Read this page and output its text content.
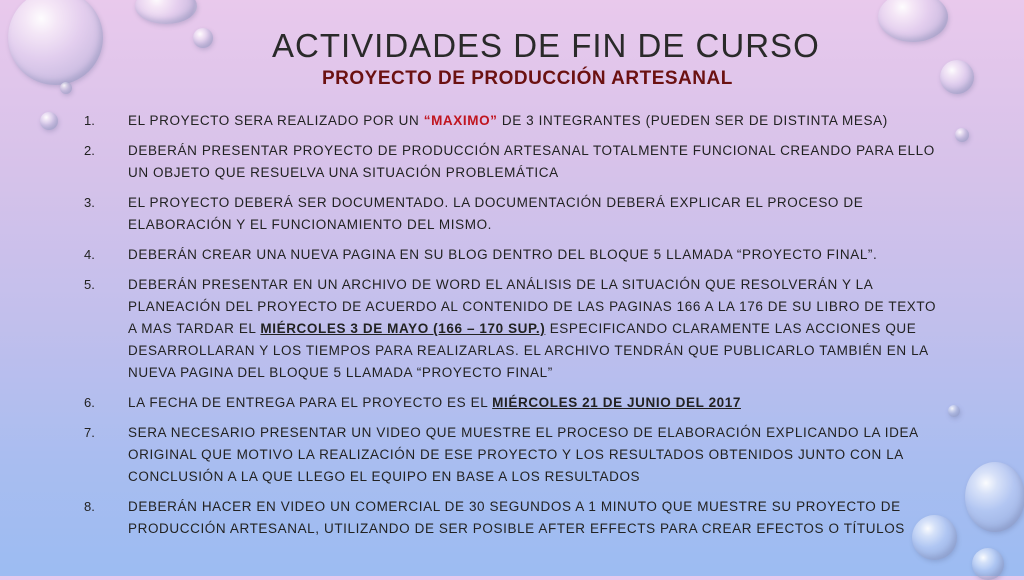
ACTIVIDADES DE FIN DE CURSO
PROYECTO DE PRODUCCIÓN ARTESANAL
1.	EL PROYECTO SERA REALIZADO POR UN “MAXIMO” DE 3 INTEGRANTES (PUEDEN SER DE DISTINTA MESA)
2.	DEBERÁN PRESENTAR PROYECTO DE PRODUCCIÓN ARTESANAL TOTALMENTE FUNCIONAL CREANDO PARA ELLO UN OBJETO QUE RESUELVA UNA SITUACIÓN PROBLEMÁTICA
3.	EL PROYECTO DEBERÁ SER DOCUMENTADO. LA DOCUMENTACIÓN DEBERÁ EXPLICAR EL PROCESO DE ELABORACIÓN Y EL FUNCIONAMIENTO DEL MISMO.
4.	DEBERÁN CREAR UNA NUEVA PAGINA EN SU BLOG DENTRO DEL BLOQUE 5 LLAMADA “PROYECTO FINAL”.
5.	DEBERÁN PRESENTAR EN UN ARCHIVO DE WORD EL ANÁLISIS DE LA SITUACIÓN QUE RESOLVERÁN Y LA PLANEACIÓN DEL PROYECTO DE ACUERDO AL CONTENIDO DE LAS PAGINAS 166 A LA 176 DE SU LIBRO DE TEXTO A MAS TARDAR EL MIÉRCOLES 3 DE MAYO (166 – 170 SUP.) ESPECIFICANDO CLARAMENTE LAS ACCIONES QUE DESARROLLARAN Y LOS TIEMPOS PARA REALIZARLAS. EL ARCHIVO TENDRÁN QUE PUBLICARLO TAMBIÉN EN LA NUEVA PAGINA DEL BLOQUE 5 LLAMADA “PROYECTO FINAL”
6.	LA FECHA DE ENTREGA PARA EL PROYECTO ES EL MIÉRCOLES 21 DE JUNIO DEL 2017
7.	SERA NECESARIO PRESENTAR UN VIDEO QUE MUESTRE EL PROCESO DE ELABORACIÓN EXPLICANDO LA IDEA ORIGINAL QUE MOTIVO LA REALIZACIÓN DE ESE PROYECTO Y LOS RESULTADOS OBTENIDOS JUNTO CON LA CONCLUSIÓN A LA QUE LLEGO EL EQUIPO EN BASE A LOS RESULTADOS
8.	DEBERÁN HACER EN VIDEO UN COMERCIAL DE 30 SEGUNDOS A 1 MINUTO QUE MUESTRE SU PROYECTO DE PRODUCCIÓN ARTESANAL, UTILIZANDO DE SER POSIBLE AFTER EFFECTS PARA CREAR EFECTOS O TÍTULOS
